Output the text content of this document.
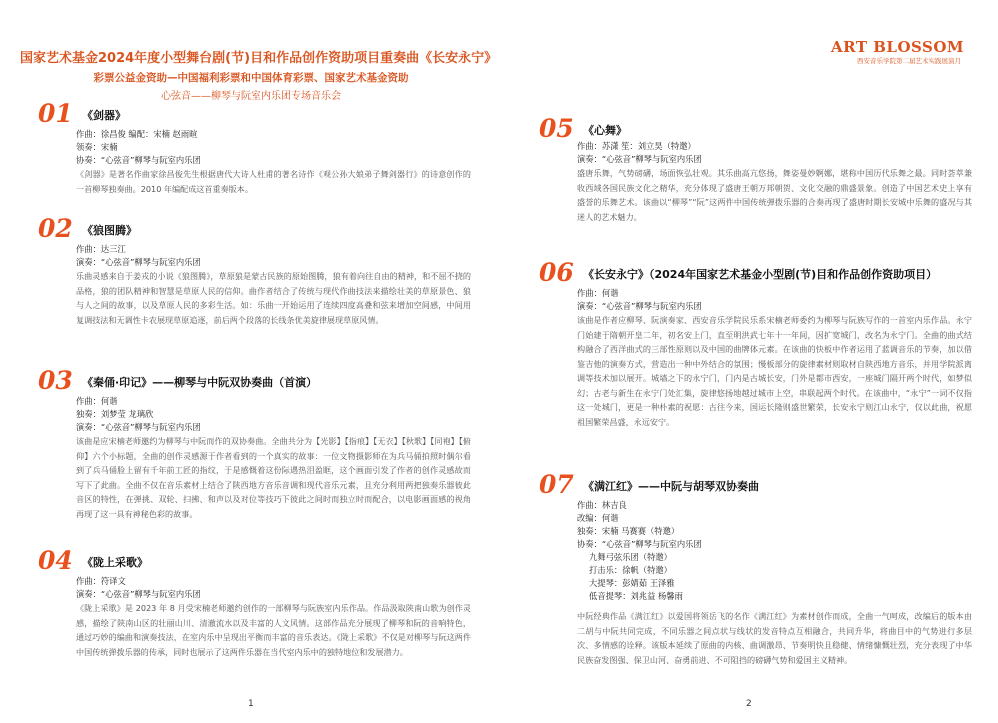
国家艺术基金2024年度小型舞台剧(节)目和作品创作资助项目重奏曲《长安永宁》
彩票公益金资助—中国福利彩票和中国体育彩票、国家艺术基金资助
心弦音——柳琴与阮室内乐团专场音乐会
01 《剑器》
作曲：徐昌俊 编配：宋楠 赵雨暄
领奏：宋楠
协奏：“心弦音”柳琴与阮室内乐团
《剑器》是著名作曲家徐昌俊先生根据唐代大诗人杜甫的著名诗作《观公孙大娘弟子舞剑器行》的诗意创作的一首柳琴独奏曲。2010 年编配成这首重奏版本。
02 《狼图腾》
作曲：达三江
演奏：“心弦音”柳琴与阮室内乐团
乐曲灵感来自于姜戎的小说《狼图腾》，草原狼是蒙古民族的原始图腾，狼有着向往自由的精神，和不屈不挠的品格，狼的团队精神和智慧是草原人民的信仰。曲作者结合了传统与现代作曲技法来描绘壮美的草原景色、狼与人之间的故事，以及草原人民的多彩生活。如：乐曲一开始运用了连续四度高叠和弦来增加空间感，中间用复调技法和无调性卡农展现草原追逐，前后两个段落的长线条优美旋律展现草原风情。
03 《秦俑·印记》——柳琴与中阮双协奏曲（首演）
作曲：何谐
独奏：刘梦莹 龙璃欣
演奏：“心弦音”柳琴与阮室内乐团
该曲是应宋楠老师邀约为柳琴与中阮而作的双协奏曲。全曲共分为【光影】【指痕】【无衣】【秋歌】【同袍】【俯仰】六个小标题，全曲的创作灵感源于作者看到的一个真实的故事：一位文物摄影师在为兵马俑拍照时偶尔看到了兵马俑脸上留有千年前工匠的指纹，于是感慨着这份际遇热泪盈眶，这个画面引发了作者的创作灵感故而写下了此曲。全曲不仅在音乐素材上结合了陕西地方音乐音调和现代音乐元素，且充分利用两把独奏乐器彼此音区的特性，在弹挑、双轮、扫拂、和声以及对位等技巧下彼此之间时而独立时而配合，以电影画面感的视角再现了这一具有神秘色彩的故事。
04 《陇上采歌》
作曲：符译文
演奏：“心弦音”柳琴与阮室内乐团
《陇上采歌》是 2023 年 8 月受宋楠老师邀约创作的一部柳琴与阮族室内乐作品。作品汲取陕南山歌为创作灵感，描绘了陕南山区的壮丽山川、清澈流水以及丰富的人文风情。这部作品充分展现了柳琴和阮的音响特色，通过巧妙的编曲和演奏技法，在室内乐中呈现出平衡而丰富的音乐表达。《陇上采歌》不仅是对柳琴与阮这两件中国传统弹拨乐器的传承，同时也展示了这两件乐器在当代室内乐中的独特地位和发展潜力。
1
ART BLOSSOM
西安音乐学院第二届艺术实践展演月
05 《心舞》
作曲：苏潇 笙：刘立昊（特邀）
演奏：“心弦音”柳琴与阮室内乐团
盛唐乐舞，气势磅礴，场面恢弘壮观。其乐曲高亢悠扬，舞姿曼妙婀娜，堪称中国历代乐舞之最。同时荟萃兼收西域各国民族文化之精华，充分体现了盛唐王朝万邦朝贺、文化交融的鼎盛景象。创造了中国艺术史上享有盛誉的乐舞艺术。该曲以“柳琴”“阮”这两件中国传统弹拨乐器的合奏再现了盛唐时期长安城中乐舞的盛况与其迷人的艺术魅力。
06 《长安永宁》（2024年国家艺术基金小型剧(节)目和作品创作资助项目）
作曲：何谐
演奏：“心弦音”柳琴与阮室内乐团
该曲是作者应柳琴、阮演奏家、西安音乐学院民乐系宋楠老师委约为柳琴与阮族写作的一首室内乐作品。永宁门始建于隋朝开皇二年，初名安上门，直至明洪武七年十一年间，因扩宽城门，改名为永宁门。全曲的曲式结构融合了西洋曲式的三部性原则以及中国的曲牌体元素。在该曲的快板中作者运用了蓝调音乐的节奏，加以借鉴吉他的演奏方式，营造出一种中外结合的氛围；慢板部分的旋律素材则取材自陕西地方音乐，并用学院派离调等技术加以展开。城墙之下的永宁门，门内是古城长安，门外是都市西安，一座城门隔开两个时代，如梦似幻；古老与新生在永宁门处汇集，旋律悠扬地越过城市上空，串联起两个时代。在该曲中，“永宁”一词不仅指这一处城门，更是一种朴素的祝愿：古往今来，国运长隆则盛世繁荣，长安永宁则江山永宁，仅以此曲，祝愿祖国繁荣昌盛，永远安宁。
07 《满江红》——中阮与胡琴双协奏曲
作曲：林吉良
改编：何谐
独奏：宋楠 马赛赛（特邀）
协奏：“心弦音”柳琴与阮室内乐团
九舞弓弦乐团（特邀）
打击乐：徐帆（特邀）
大提琴：彭婧茹 王泽雅
低音提琴：刘兆益 杨馨雨
中阮经典作品《满江红》以爱国将领岳飞的名作《满江红》为素材创作而成，全曲一气呵成，改编后的版本由二胡与中阮共同完成，不同乐器之间点状与线状的发音特点互相融合，共同升华，将曲目中的气势进行多层次、多情感的诠释。该版本延续了原曲的内核、曲调激昂、节奏明快且稳健、情绪慷慨壮烈，充分表现了中华民族奋发图强、保卫山河、奋勇前进、不可阻挡的磅礴气势和爱国主义精神。
2
